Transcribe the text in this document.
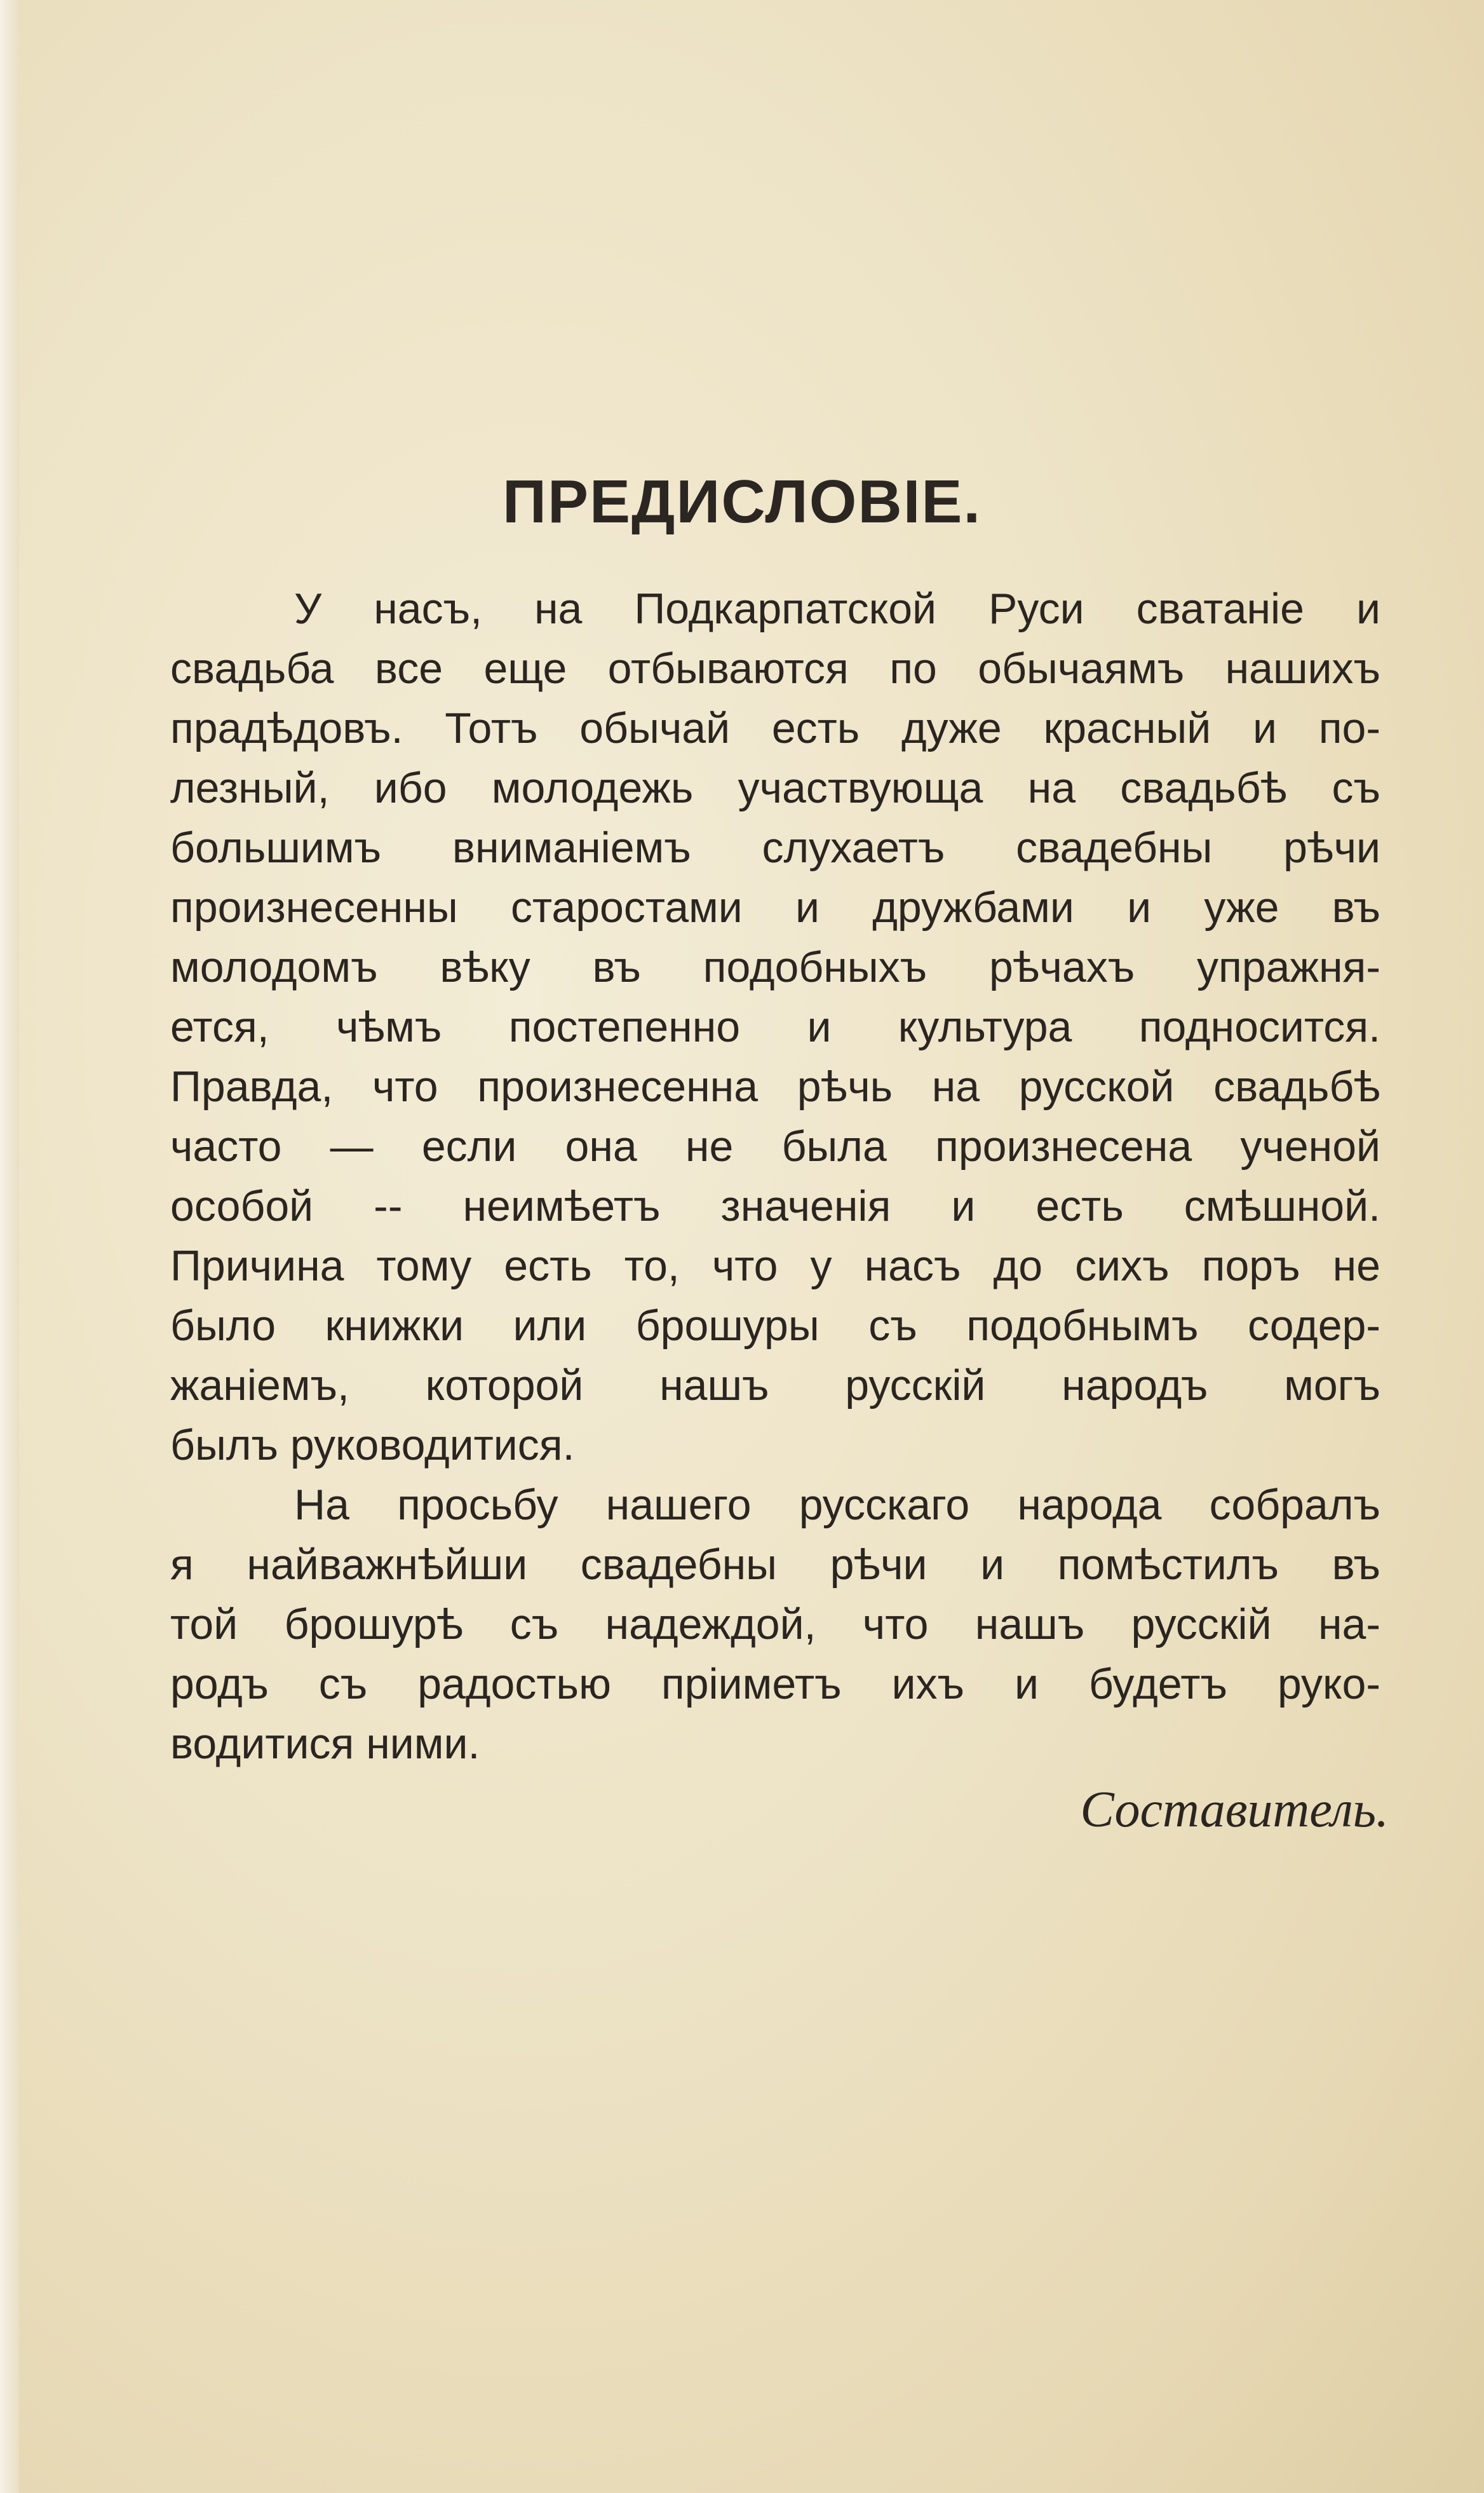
ПРЕДИСЛОВІЕ.
У насъ, на Подкарпатской Руси сватаніе и
свадьба все еще отбываются по обычаямъ нашихъ
прадѣдовъ. Тотъ обычай есть дуже красный и по-
лезный, ибо молодежь участвующа на свадьбѣ съ
большимъ вниманіемъ слухаетъ свадебны рѣчи
произнесенны старостами и дружбами и уже въ
молодомъ вѣку въ подобныхъ рѣчахъ упражня-
ется, чѣмъ постепенно и культура подносится.
Правда, что произнесенна рѣчь на русской свадьбѣ
часто — если она не была произнесена ученой
особой -- неимѣетъ значенія и есть смѣшной.
Причина тому есть то, что у насъ до сихъ поръ не
было книжки или брошуры съ подобнымъ содер-
жаніемъ, которой нашъ русскій народъ могъ
былъ руководитися.
На просьбу нашего русскаго народа собралъ
я найважнѣйши свадебны рѣчи и помѣстилъ въ
той брошурѣ съ надеждой, что нашъ русскій на-
родъ съ радостью пріиметъ ихъ и будетъ руко-
водитися ними.
Составитель.
